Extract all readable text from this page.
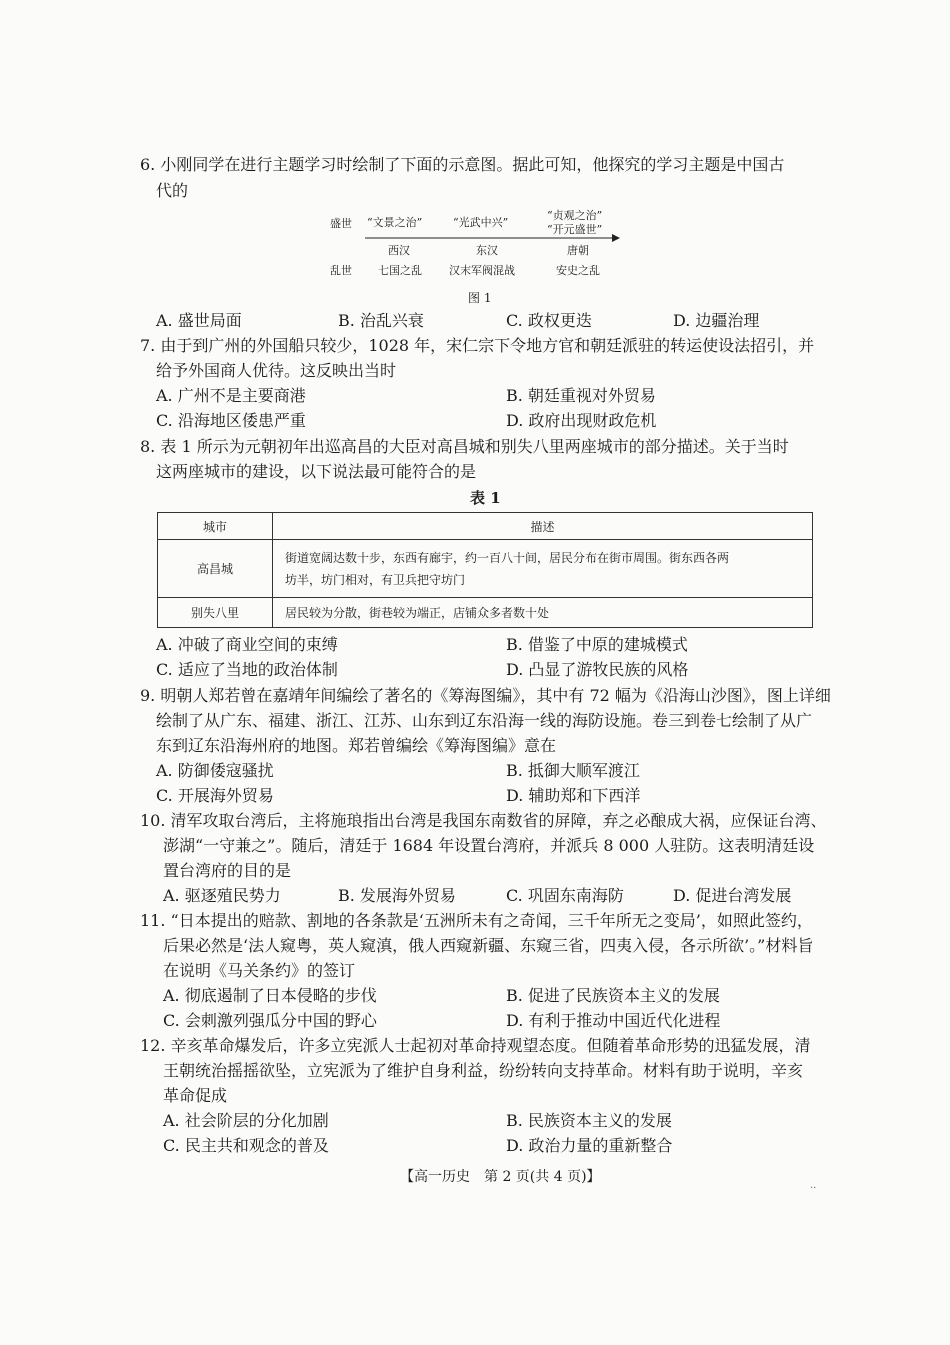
6. 小刚同学在进行主题学习时绘制了下面的示意图。据此可知，他探究的学习主题是中国古
代的
盛世
乱世
“文景之治”	“光武中兴”
“贞观之治”
“开元盛世”
西汉	东汉	唐朝
七国之乱 汉末军阀混战	安史之乱
图 1
A. 盛世局面	B. 治乱兴衰	C. 政权更迭	D. 边疆治理
7. 由于到广州的外国船只较少，1028 年，宋仁宗下令地方官和朝廷派驻的转运使设法招引，并
给予外国商人优待。这反映出当时
A. 广州不是主要商港	B. 朝廷重视对外贸易
C. 沿海地区倭患严重	D. 政府出现财政危机
8. 表 1 所示为元朝初年出巡高昌的大臣对高昌城和别失八里两座城市的部分描述。关于当时
这两座城市的建设，以下说法最可能符合的是
表 1
城市	描述
高昌城	街道宽阔达数十步，东西有廊宇，约一百八十间，居民分布在街市周围。街东西各两
坊半，坊门相对，有卫兵把守坊门

别失八里	居民较为分散，街巷较为端正，店铺众多者数十处
A. 冲破了商业空间的束缚	B. 借鉴了中原的建城模式
C. 适应了当地的政治体制	D. 凸显了游牧民族的风格
9. 明朝人郑若曾在嘉靖年间编绘了著名的《筹海图编》，其中有 72 幅为《沿海山沙图》，图上详细
绘制了从广东、福建、浙江、江苏、山东到辽东沿海一线的海防设施。卷三到卷七绘制了从广
东到辽东沿海州府的地图。郑若曾编绘《筹海图编》意在
A. 防御倭寇骚扰	B. 抵御大顺军渡江
C. 开展海外贸易	D. 辅助郑和下西洋
10. 清军攻取台湾后，主将施琅指出台湾是我国东南数省的屏障，弃之必酿成大祸，应保证台湾、
澎湖“一守兼之”。随后，清廷于 1684 年设置台湾府，并派兵 8 000 人驻防。这表明清廷设
置台湾府的目的是
A. 驱逐殖民势力	B. 发展海外贸易	C. 巩固东南海防	D. 促进台湾发展
11. “日本提出的赔款、割地的各条款是‘五洲所未有之奇闻，三千年所无之变局’，如照此签约，
后果必然是‘法人窥粤，英人窥滇，俄人西窥新疆、东窥三省，四夷入侵，各示所欲’。”材料旨
在说明《马关条约》的签订
A. 彻底遏制了日本侵略的步伐	B. 促进了民族资本主义的发展
C. 会刺激列强瓜分中国的野心	D. 有利于推动中国近代化进程
12. 辛亥革命爆发后，许多立宪派人士起初对革命持观望态度。但随着革命形势的迅猛发展，清
王朝统治摇摇欲坠，立宪派为了维护自身利益，纷纷转向支持革命。材料有助于说明，辛亥
革命促成
A. 社会阶层的分化加剧	B. 民族资本主义的发展
C. 民主共和观念的普及	D. 政治力量的重新整合
【高一历史　第 2 页(共 4 页)】
..
